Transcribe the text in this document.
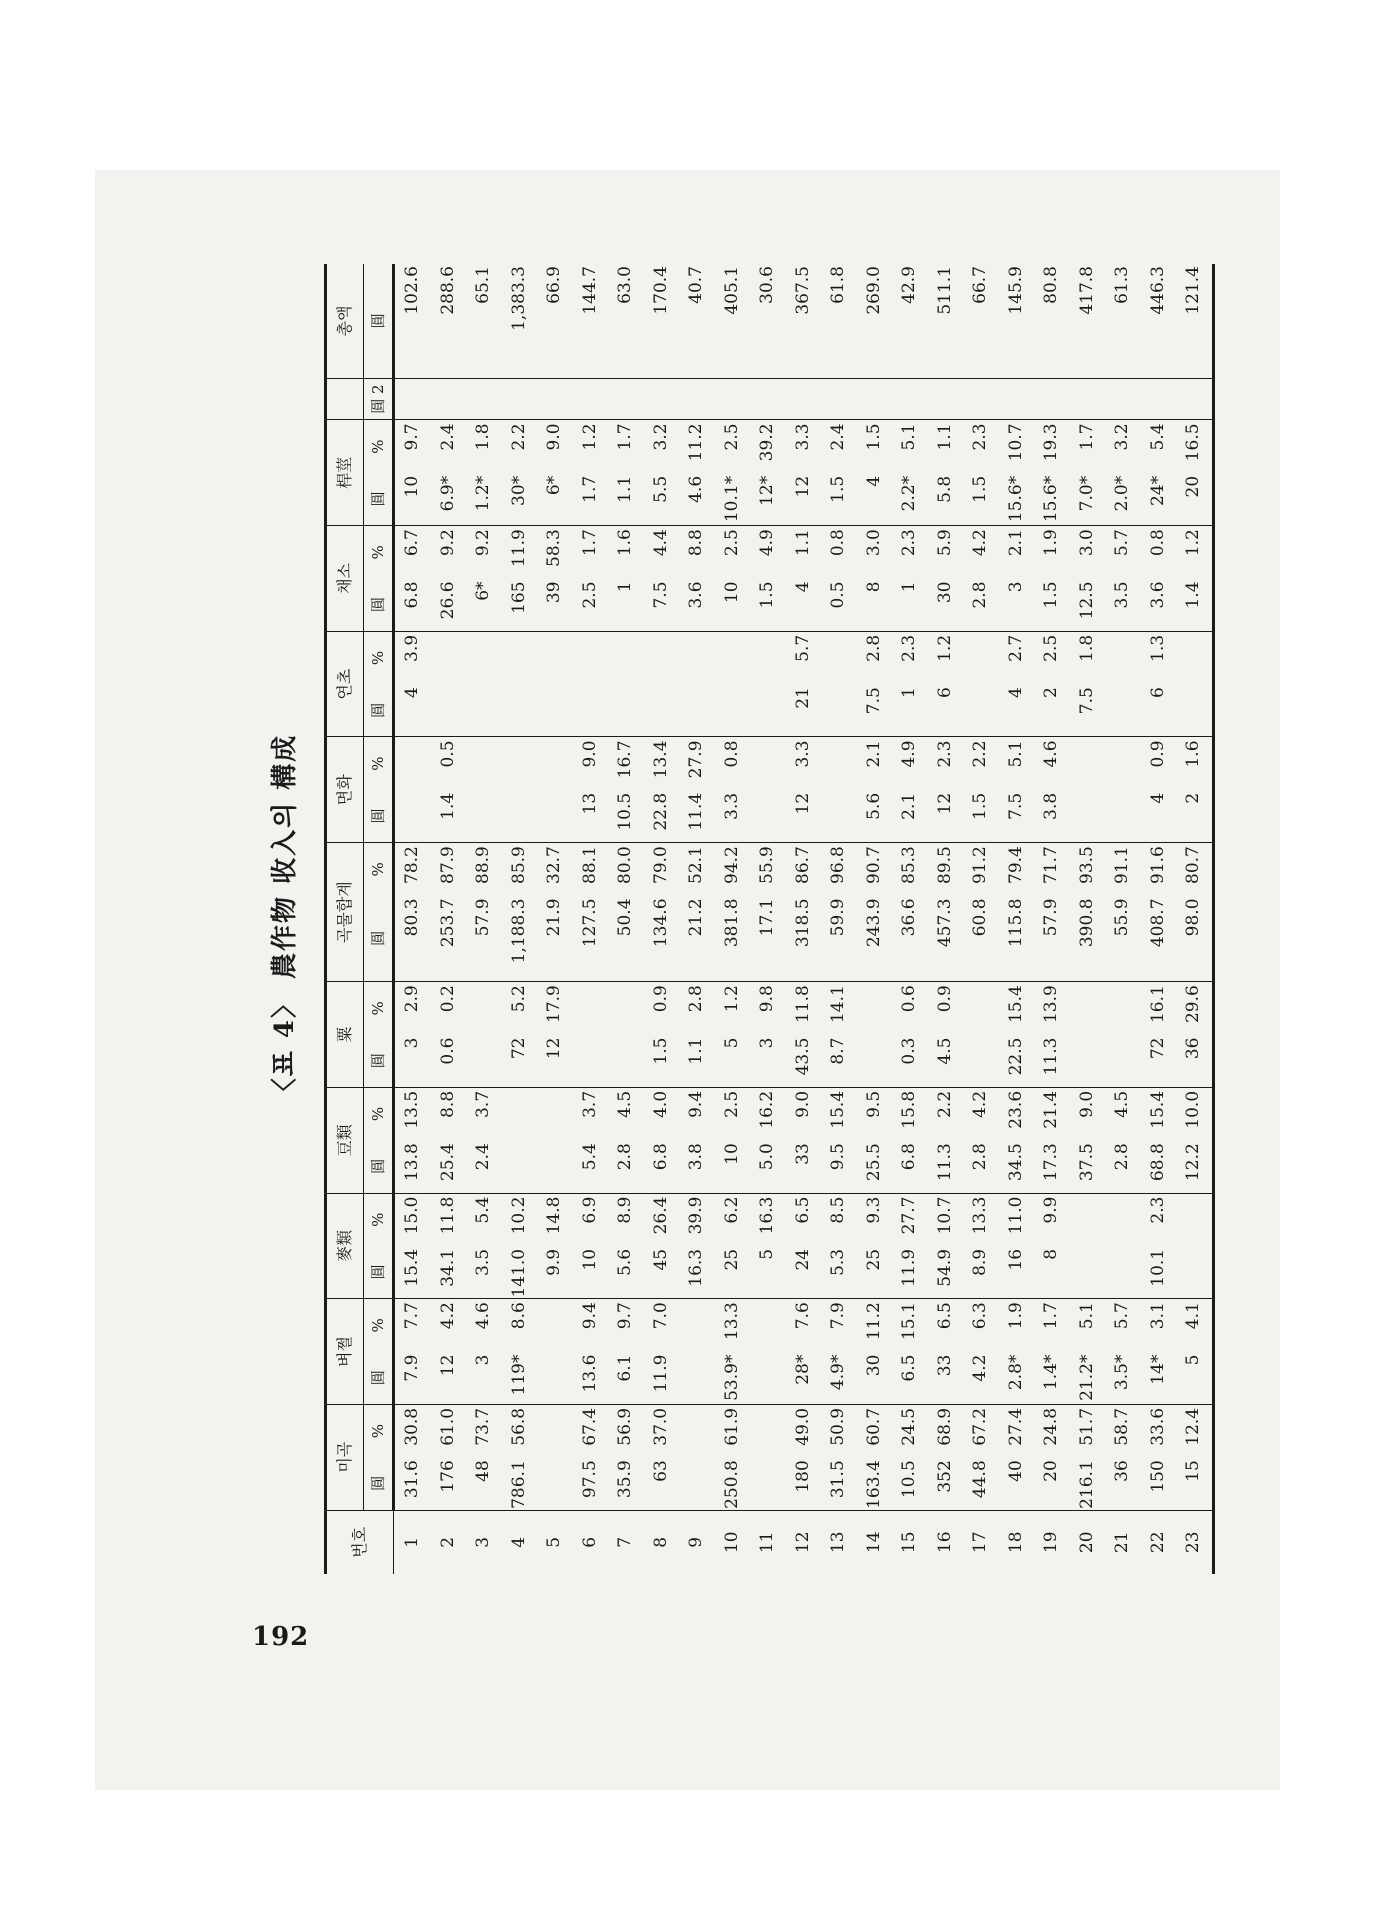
192
〈표 4〉 農作物 收入의 構成
번호	미곡		벼쩔		麥類		豆類		粟		곡물합계		면화		연초		채소		桿莖			총액
	圓	%	圓	%	圓	%	圓	%	圓	%	圓	%	圓	%	圓	%	圓	%	圓	%	圓 2	圓
1	31.6	30.8	7.9	7.7	15.4	15.0	13.8	13.5	3	2.9	80.3	78.2			4	3.9	6.8	6.7	10	9.7		102.6
2	176	61.0	12	4.2	34.1	11.8	25.4	8.8	0.6	0.2	253.7	87.9	1.4	0.5			26.6	9.2	6.9*	2.4		288.6
3	48	73.7	3	4.6	3.5	5.4	2.4	3.7			57.9	88.9					6*	9.2	1.2*	1.8		65.1
4	786.1	56.8	119*	8.6	141.0	10.2			72	5.2	1,188.3	85.9					165	11.9	30*	2.2		1,383.3
5					9.9	14.8			12	17.9	21.9	32.7					39	58.3	6*	9.0		66.9
6	97.5	67.4	13.6	9.4	10	6.9	5.4	3.7			127.5	88.1	13	9.0			2.5	1.7	1.7	1.2		144.7
7	35.9	56.9	6.1	9.7	5.6	8.9	2.8	4.5			50.4	80.0	10.5	16.7			1	1.6	1.1	1.7		63.0
8	63	37.0	11.9	7.0	45	26.4	6.8	4.0	1.5	0.9	134.6	79.0	22.8	13.4			7.5	4.4	5.5	3.2		170.4
9					16.3	39.9	3.8	9.4	1.1	2.8	21.2	52.1	11.4	27.9			3.6	8.8	4.6	11.2		40.7
10	250.8	61.9	53.9*	13.3	25	6.2	10	2.5	5	1.2	381.8	94.2	3.3	0.8			10	2.5	10.1*	2.5		405.1
11					5	16.3	5.0	16.2	3	9.8	17.1	55.9					1.5	4.9	12*	39.2		30.6
12	180	49.0	28*	7.6	24	6.5	33	9.0	43.5	11.8	318.5	86.7	12	3.3	21	5.7	4	1.1	12	3.3		367.5
13	31.5	50.9	4.9*	7.9	5.3	8.5	9.5	15.4	8.7	14.1	59.9	96.8					0.5	0.8	1.5	2.4		61.8
14	163.4	60.7	30	11.2	25	9.3	25.5	9.5			243.9	90.7	5.6	2.1	7.5	2.8	8	3.0	4	1.5		269.0
15	10.5	24.5	6.5	15.1	11.9	27.7	6.8	15.8	0.3	0.6	36.6	85.3	2.1	4.9	1	2.3	1	2.3	2.2*	5.1		42.9
16	352	68.9	33	6.5	54.9	10.7	11.3	2.2	4.5	0.9	457.3	89.5	12	2.3	6	1.2	30	5.9	5.8	1.1		511.1
17	44.8	67.2	4.2	6.3	8.9	13.3	2.8	4.2			60.8	91.2	1.5	2.2			2.8	4.2	1.5	2.3		66.7
18	40	27.4	2.8*	1.9	16	11.0	34.5	23.6	22.5	15.4	115.8	79.4	7.5	5.1	4	2.7	3	2.1	15.6*	10.7		145.9
19	20	24.8	1.4*	1.7	8	9.9	17.3	21.4	11.3	13.9	57.9	71.7	3.8	4.6	2	2.5	1.5	1.9	15.6*	19.3		80.8
20	216.1	51.7	21.2*	5.1			37.5	9.0			390.8	93.5			7.5	1.8	12.5	3.0	7.0*	1.7		417.8
21	36	58.7	3.5*	5.7			2.8	4.5			55.9	91.1					3.5	5.7	2.0*	3.2		61.3
22	150	33.6	14*	3.1	10.1	2.3	68.8	15.4	72	16.1	408.7	91.6	4	0.9	6	1.3	3.6	0.8	24*	5.4		446.3
23	15	12.4	5	4.1			12.2	10.0	36	29.6	98.0	80.7	2	1.6			1.4	1.2	20	16.5		121.4
